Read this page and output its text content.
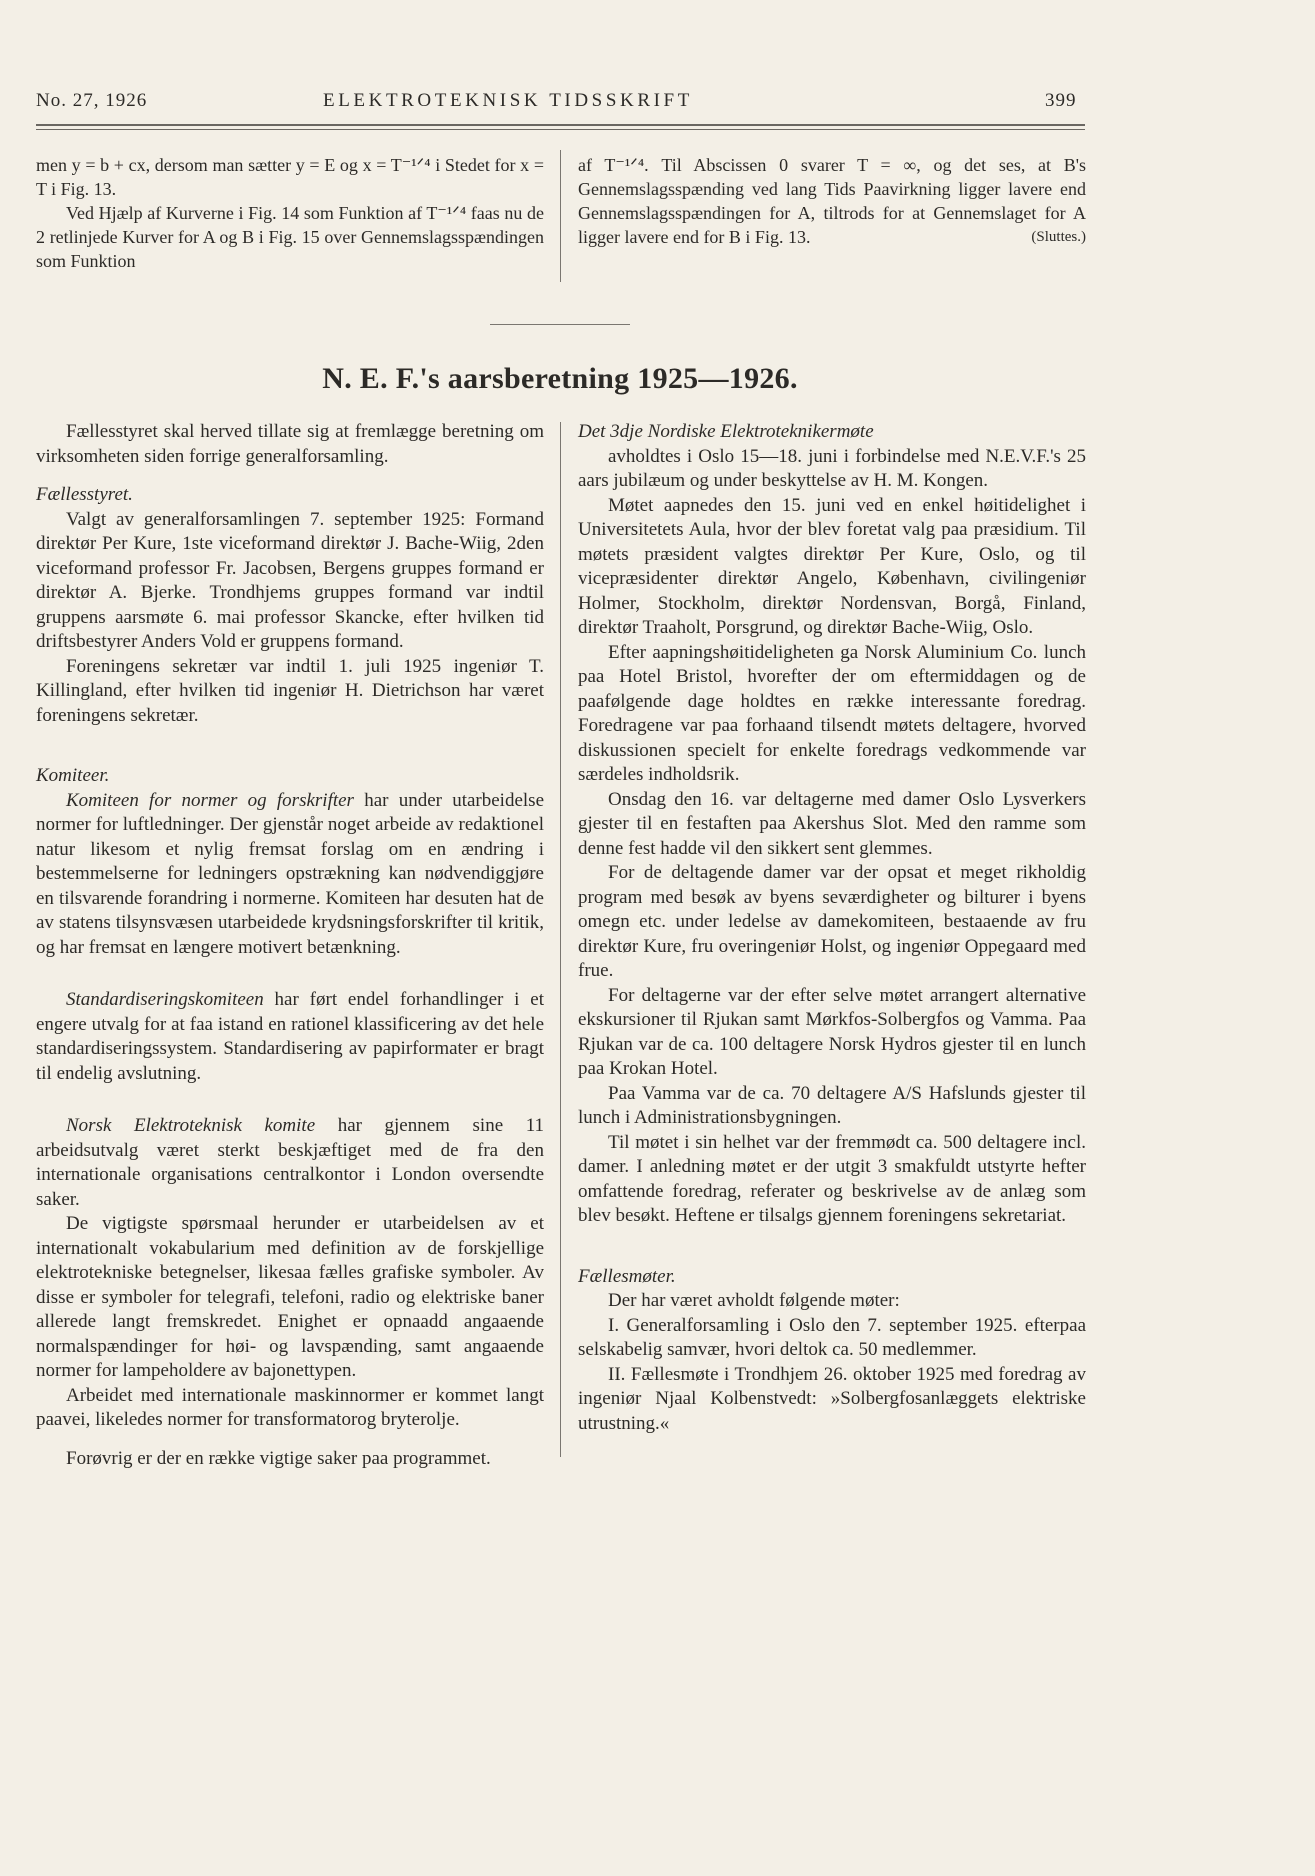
No. 27, 1926	ELEKTROTEKNISK TIDSSKRIFT	399

men y = b + cx, dersom man sætter y = E og x = T⁻¹ᐟ⁴ i Stedet for x = T i Fig. 13.

Ved Hjælp af Kurverne i Fig. 14 som Funktion af T⁻¹ᐟ⁴ faas nu de 2 retlinjede Kurver for A og B i Fig. 15 over Gennemslagsspændingen som Funktion

af T⁻¹ᐟ⁴. Til Abscissen 0 svarer T = ∞, og det ses, at B's Gennemslagsspænding ved lang Tids Paavirkning ligger lavere end Gennemslagsspændingen for A, tiltrods for at Gennemslaget for A ligger lavere end for B i Fig. 13.	(Sluttes.)

N. E. F.'s aarsberetning 1925—1926.

Fællesstyret skal herved tillate sig at fremlægge beretning om virksomheten siden forrige generalforsamling.

Fællesstyret.

Valgt av generalforsamlingen 7. september 1925: Formand direktør Per Kure, 1ste viceformand direktør J. Bache-Wiig, 2den viceformand professor Fr. Jacobsen, Bergens gruppes formand er direktør A. Bjerke. Trondhjems gruppes formand var indtil gruppens aarsmøte 6. mai professor Skancke, efter hvilken tid driftsbestyrer Anders Vold er gruppens formand.

Foreningens sekretær var indtil 1. juli 1925 ingeniør T. Killingland, efter hvilken tid ingeniør H. Dietrichson har været foreningens sekretær.

Komiteer.

Komiteen for normer og forskrifter har under utarbeidelse normer for luftledninger. Der gjenstår noget arbeide av redaktionel natur likesom et nylig fremsat forslag om en ændring i bestemmelserne for ledningers opstrækning kan nødvendiggjøre en tilsvarende forandring i normerne. Komiteen har desuten hat de av statens tilsynsvæsen utarbeidede krydsningsforskrifter til kritik, og har fremsat en længere motivert betænkning.

Standardiseringskomiteen har ført endel forhandlinger i et engere utvalg for at faa istand en rationel klassificering av det hele standardiseringssystem. Standardisering av papirformater er bragt til endelig avslutning.

Norsk Elektroteknisk komite har gjennem sine 11 arbeidsutvalg været sterkt beskjæftiget med de fra den internationale organisations centralkontor i London oversendte saker.

De vigtigste spørsmaal herunder er utarbeidelsen av et internationalt vokabularium med definition av de forskjellige elektrotekniske betegnelser, likesaa fælles grafiske symboler. Av disse er symboler for telegrafi, telefoni, radio og elektriske baner allerede langt fremskredet. Enighet er opnaadd angaaende normalspændinger for høi- og lavspænding, samt angaaende normer for lampeholdere av bajonettypen.

Arbeidet med internationale maskinnormer er kommet langt paavei, likeledes normer for transformatorog bryterolje.

Forøvrig er der en række vigtige saker paa programmet.

Det 3dje Nordiske Elektroteknikermøte

avholdtes i Oslo 15—18. juni i forbindelse med N.E.V.F.'s 25 aars jubilæum og under beskyttelse av H. M. Kongen.

Møtet aapnedes den 15. juni ved en enkel høitidelighet i Universitetets Aula, hvor der blev foretat valg paa præsidium. Til møtets præsident valgtes direktør Per Kure, Oslo, og til vicepræsidenter direktør Angelo, København, civilingeniør Holmer, Stockholm, direktør Nordensvan, Borgå, Finland, direktør Traaholt, Porsgrund, og direktør Bache-Wiig, Oslo.

Efter aapningshøitideligheten ga Norsk Aluminium Co. lunch paa Hotel Bristol, hvorefter der om eftermiddagen og de paafølgende dage holdtes en række interessante foredrag. Foredragene var paa forhaand tilsendt møtets deltagere, hvorved diskussionen specielt for enkelte foredrags vedkommende var særdeles indholdsrik.

Onsdag den 16. var deltagerne med damer Oslo Lysverkers gjester til en festaften paa Akershus Slot. Med den ramme som denne fest hadde vil den sikkert sent glemmes.

For de deltagende damer var der opsat et meget rikholdig program med besøk av byens seværdigheter og bilturer i byens omegn etc. under ledelse av damekomiteen, bestaaende av fru direktør Kure, fru overingeniør Holst, og ingeniør Oppegaard med frue.

For deltagerne var der efter selve møtet arrangert alternative ekskursioner til Rjukan samt Mørkfos-Solbergfos og Vamma. Paa Rjukan var de ca. 100 deltagere Norsk Hydros gjester til en lunch paa Krokan Hotel.

Paa Vamma var de ca. 70 deltagere A/S Hafslunds gjester til lunch i Administrationsbygningen.

Til møtet i sin helhet var der fremmødt ca. 500 deltagere incl. damer. I anledning møtet er der utgit 3 smakfuldt utstyrte hefter omfattende foredrag, referater og beskrivelse av de anlæg som blev besøkt. Heftene er tilsalgs gjennem foreningens sekretariat.

Fællesmøter.

Der har været avholdt følgende møter:

I. Generalforsamling i Oslo den 7. september 1925. efterpaa selskabelig samvær, hvori deltok ca. 50 medlemmer.

II. Fællesmøte i Trondhjem 26. oktober 1925 med foredrag av ingeniør Njaal Kolbenstvedt: »Solbergfosanlæggets elektriske utrustning.«
